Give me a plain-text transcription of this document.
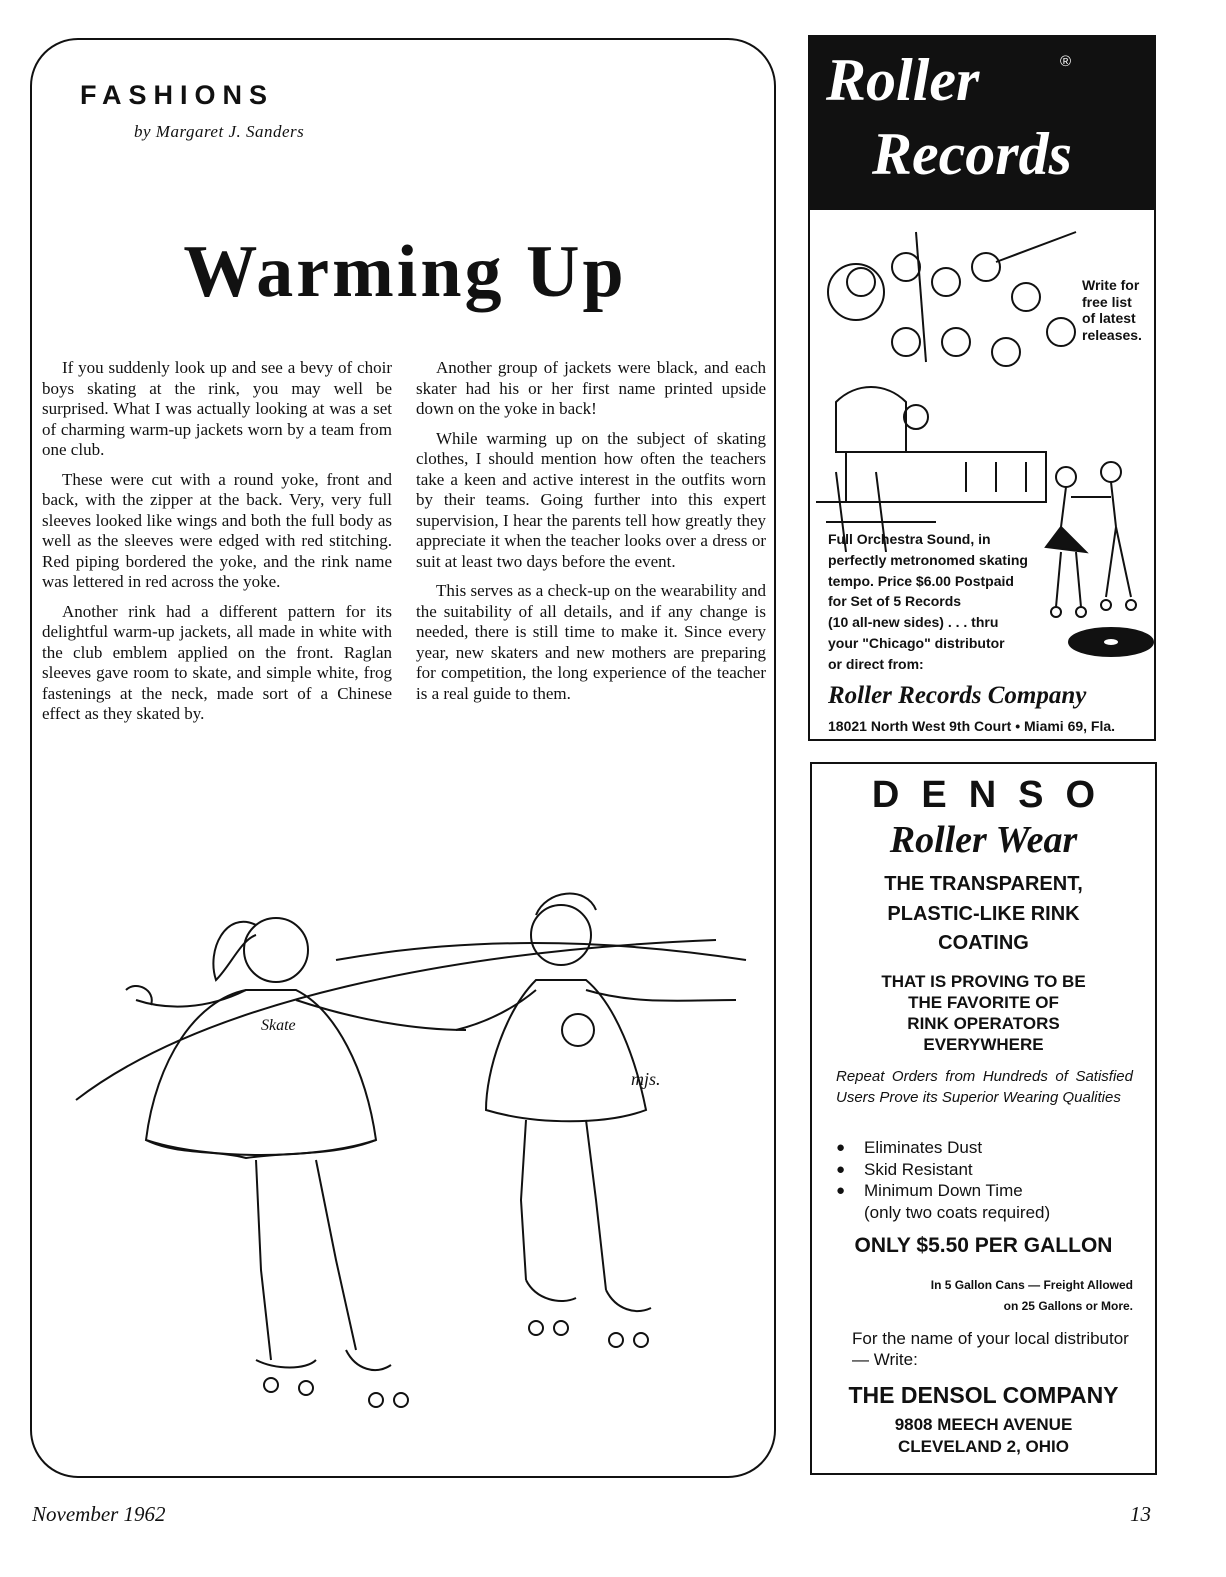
FASHIONS
by Margaret J. Sanders
Warming Up

If you suddenly look up and see a bevy of choir boys skating at the rink, you may well be surprised. What I was actually looking at was a set of charming warm-up jackets worn by a team from one club.

These were cut with a round yoke, front and back, with the zipper at the back. Very, very full sleeves looked like wings and both the full body as well as the sleeves were edged with red stitching. Red piping bordered the yoke, and the rink name was lettered in red across the yoke.

Another rink had a different pattern for its delightful warm-up jackets, all made in white with the club emblem applied on the front. Raglan sleeves gave room to skate, and simple white, frog fastenings at the neck, made sort of a Chinese effect as they skated by.

Another group of jackets were black, and each skater had his or her first name printed upside down on the yoke in back!

While warming up on the subject of skating clothes, I should mention how often the teachers take a keen and active interest in the outfits worn by their teams. Going further into this expert supervision, I hear the parents tell how greatly they appreciate it when the teacher looks over a dress or suit at least two days before the event.

This serves as a check-up on the wearability and the suitability of all details, and if any change is needed, there is still time to make it. Since every year, new skaters and new mothers are preparing for competition, the long experience of the teacher is a real guide to them.

Skate
mjs.
Roller	®
Records
Write for free list of latest releases.
Full Orchestra Sound, in
perfectly metronomed skating
tempo. Price $6.00 Postpaid
for Set of 5 Records
(10 all-new sides) . . . thru
your "Chicago" distributor
or direct from:
Roller Records Company
18021 North West 9th Court • Miami 69, Fla.
DENSO
Roller Wear
THE TRANSPARENT,
PLASTIC-LIKE RINK
COATING
THAT IS PROVING TO BE
THE FAVORITE OF
RINK OPERATORS
EVERYWHERE
Repeat Orders from Hundreds of Satisfied Users Prove its Superior Wearing Qualities
● Eliminates Dust
● Skid Resistant
● Minimum Down Time
(only two coats required)
ONLY $5.50 PER GALLON
In 5 Gallon Cans — Freight Allowed
on 25 Gallons or More.
For the name of your local distributor — Write:
THE DENSOL COMPANY
9808 MEECH AVENUE
CLEVELAND 2, OHIO
November 1962	13
